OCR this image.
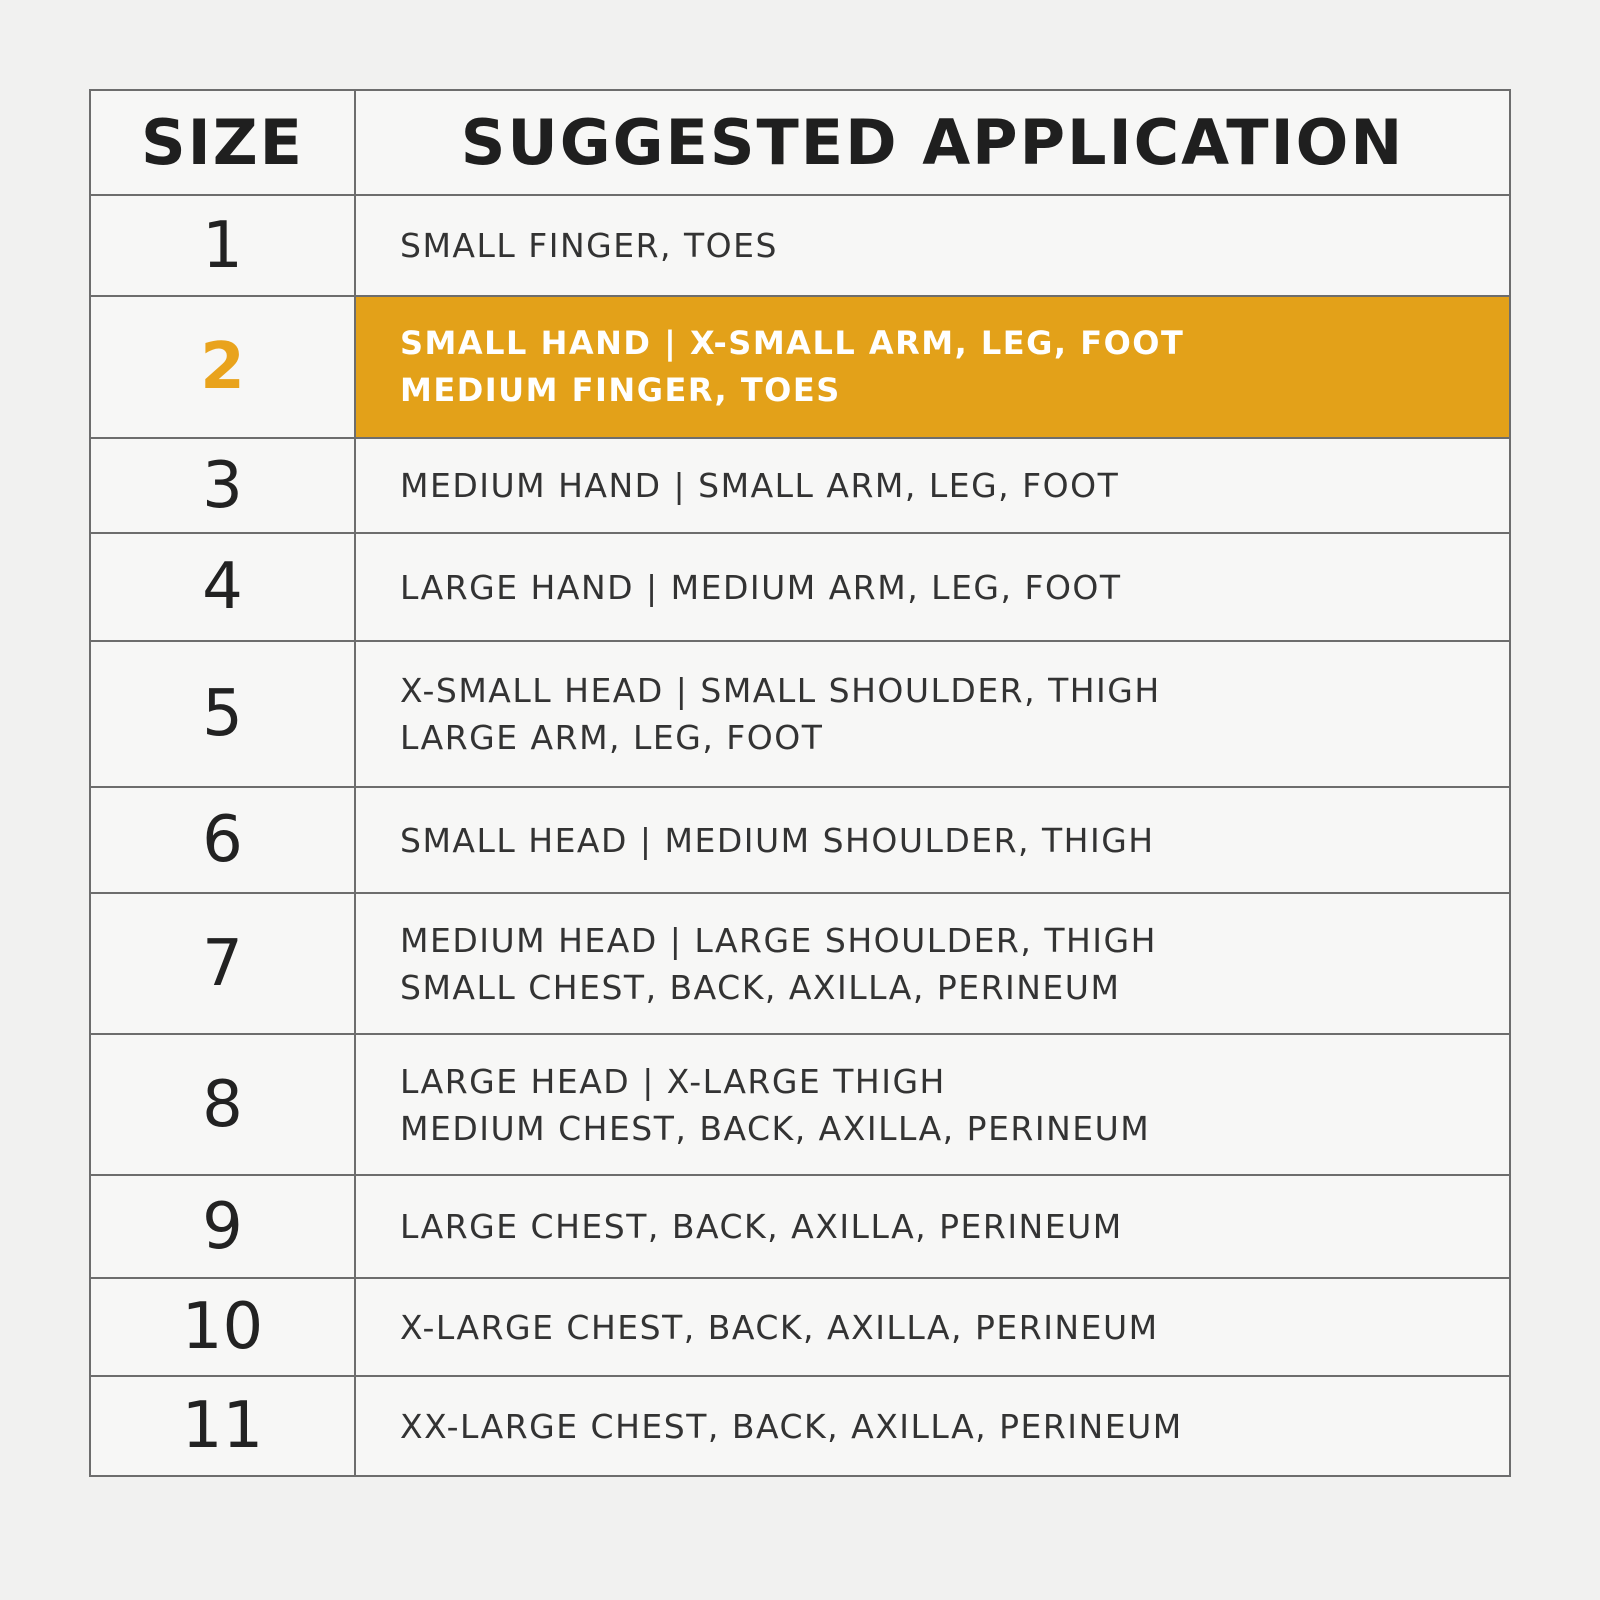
SIZE	SUGGESTED APPLICATION
1	SMALL FINGER, TOES

2	SMALL HAND | X-SMALL ARM, LEG, FOOT
MEDIUM FINGER, TOES

3	MEDIUM HAND | SMALL ARM, LEG, FOOT

4	LARGE HAND | MEDIUM ARM, LEG, FOOT

5	X-SMALL HEAD | SMALL SHOULDER, THIGH
LARGE ARM, LEG, FOOT

6	SMALL HEAD | MEDIUM SHOULDER, THIGH

7	MEDIUM HEAD | LARGE SHOULDER, THIGH
SMALL CHEST, BACK, AXILLA, PERINEUM

8	LARGE HEAD | X-LARGE THIGH
MEDIUM CHEST, BACK, AXILLA, PERINEUM

9	LARGE CHEST, BACK, AXILLA, PERINEUM

10	X-LARGE CHEST, BACK, AXILLA, PERINEUM

11	XX-LARGE CHEST, BACK, AXILLA, PERINEUM
